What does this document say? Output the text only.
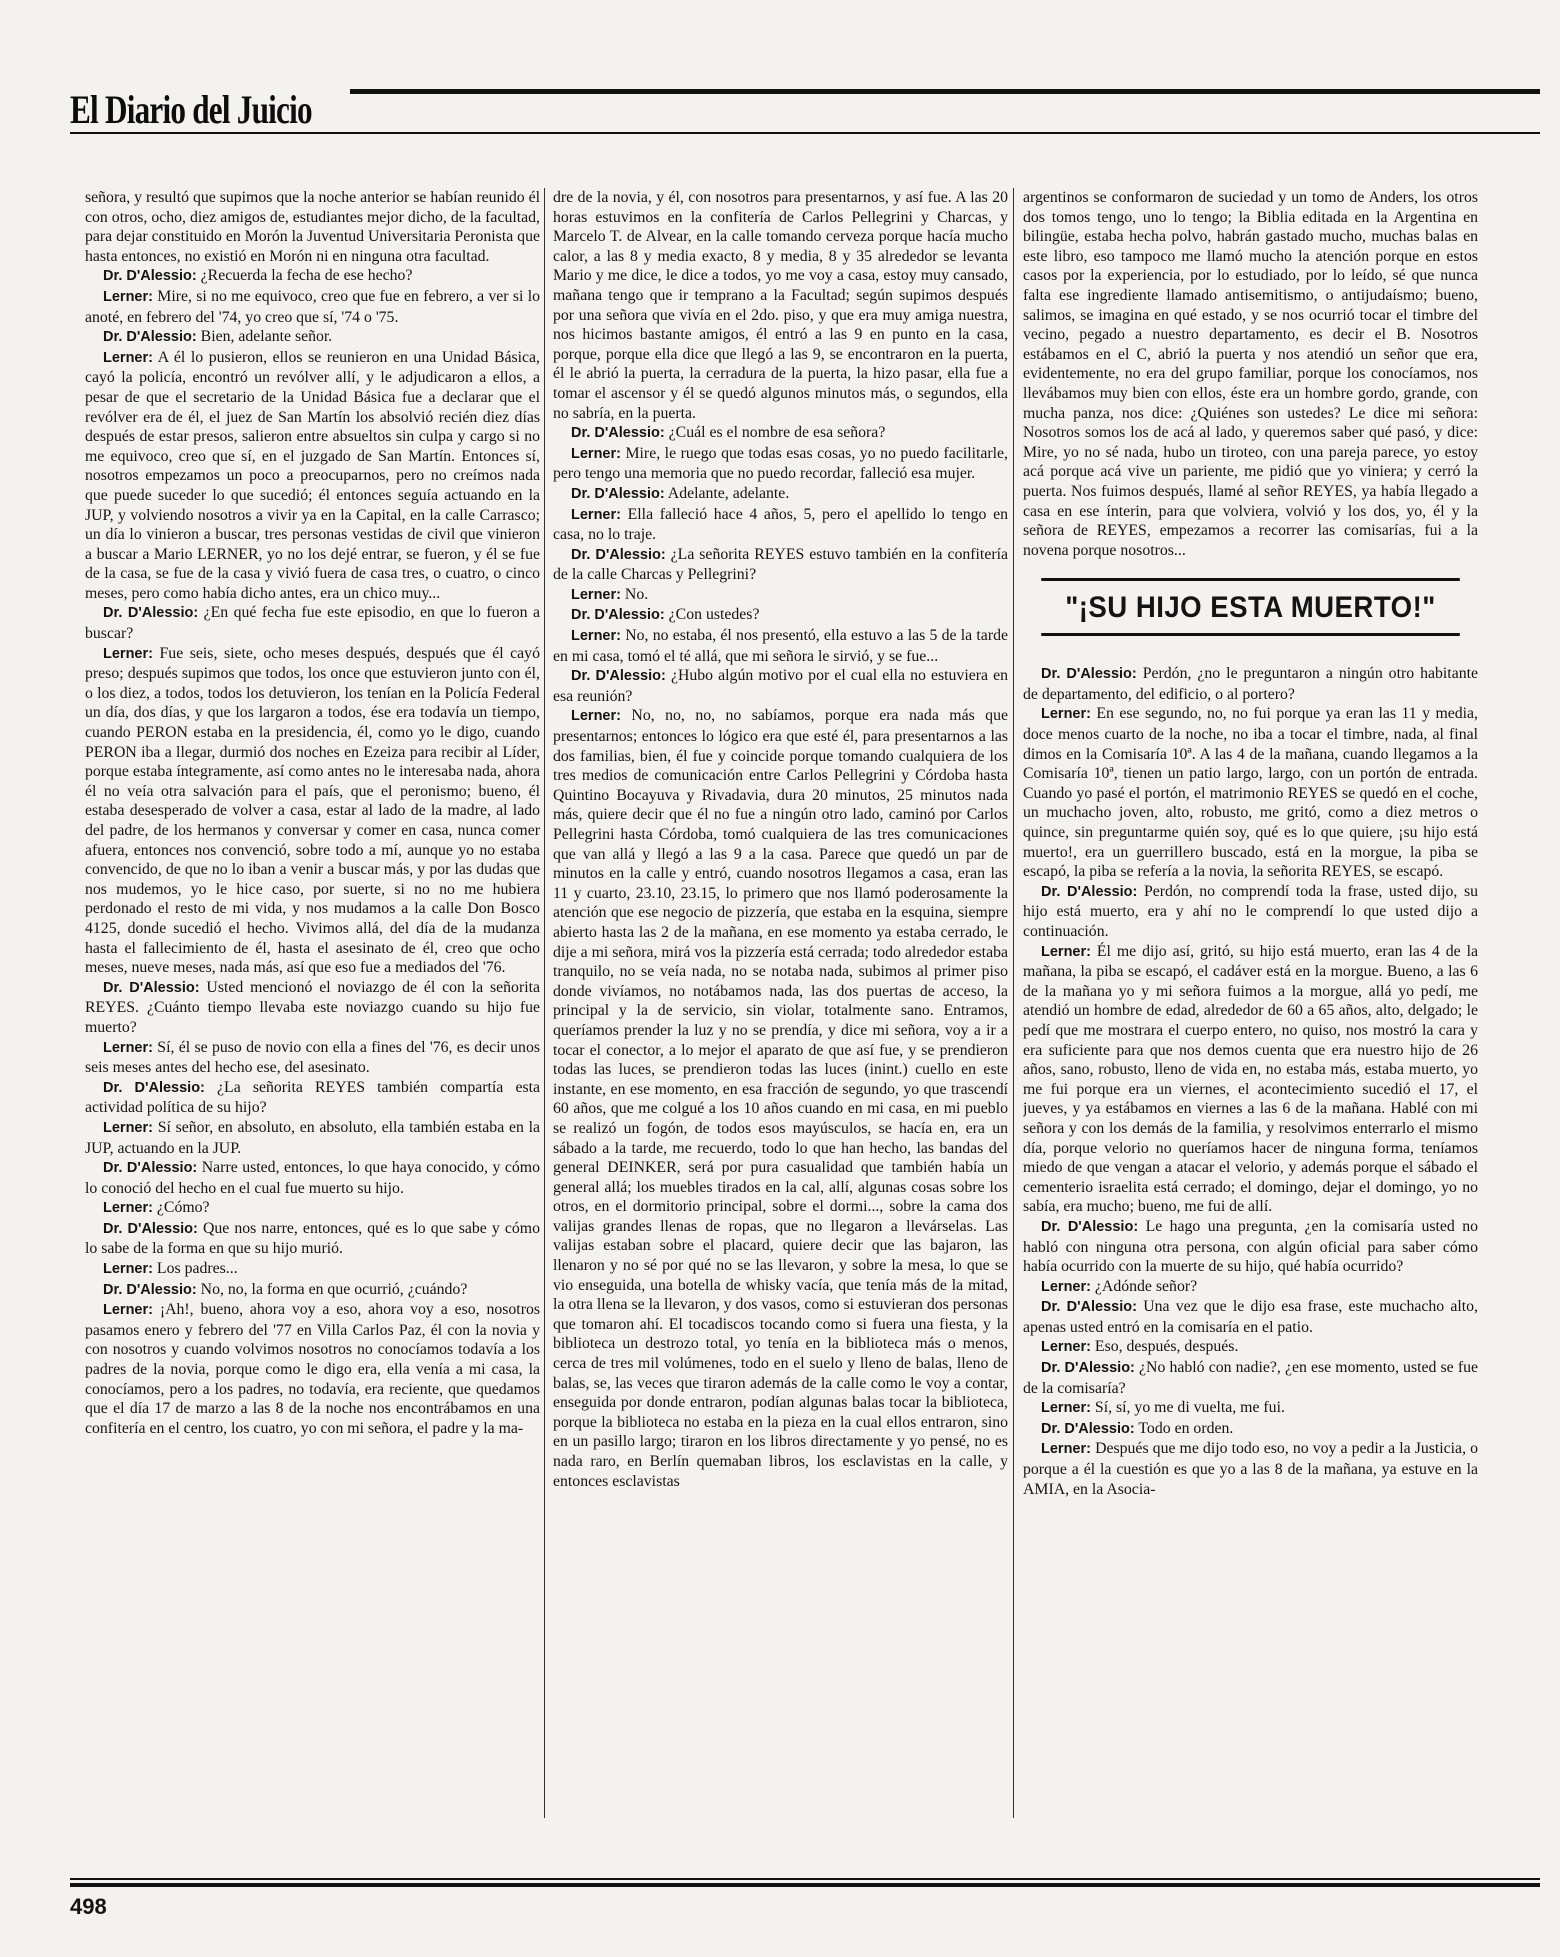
El Diario del Juicio

señora, y resultó que supimos que la noche anterior se habían reunido él con otros, ocho, diez amigos de, estudiantes mejor dicho, de la facultad, para dejar constituido en Morón la Juventud Universitaria Peronista que hasta entonces, no existió en Morón ni en ninguna otra facultad.

Dr. D'Alessio: ¿Recuerda la fecha de ese hecho?

Lerner: Mire, si no me equivoco, creo que fue en febrero, a ver si lo anoté, en febrero del '74, yo creo que sí, '74 o '75.

Dr. D'Alessio: Bien, adelante señor.

Lerner: A él lo pusieron, ellos se reunieron en una Unidad Básica, cayó la policía, encontró un revólver allí, y le adjudicaron a ellos, a pesar de que el secretario de la Unidad Básica fue a declarar que el revólver era de él, el juez de San Martín los absolvió recién diez días después de estar presos, salieron entre absueltos sin culpa y cargo si no me equivoco, creo que sí, en el juzgado de San Martín. Entonces sí, nosotros empezamos un poco a preocuparnos, pero no creímos nada que puede suceder lo que sucedió; él entonces seguía actuando en la JUP, y volviendo nosotros a vivir ya en la Capital, en la calle Carrasco; un día lo vinieron a buscar, tres personas vestidas de civil que vinieron a buscar a Mario LERNER, yo no los dejé entrar, se fueron, y él se fue de la casa, se fue de la casa y vivió fuera de casa tres, o cuatro, o cinco meses, pero como había dicho antes, era un chico muy...

Dr. D'Alessio: ¿En qué fecha fue este episodio, en que lo fueron a buscar?

Lerner: Fue seis, siete, ocho meses después, después que él cayó preso; después supimos que todos, los once que estuvieron junto con él, o los diez, a todos, todos los detuvieron, los tenían en la Policía Federal un día, dos días, y que los largaron a todos, ése era todavía un tiempo, cuando PERON estaba en la presidencia, él, como yo le digo, cuando PERON iba a llegar, durmió dos noches en Ezeiza para recibir al Líder, porque estaba íntegramente, así como antes no le interesaba nada, ahora él no veía otra salvación para el país, que el peronismo; bueno, él estaba desesperado de volver a casa, estar al lado de la madre, al lado del padre, de los hermanos y conversar y comer en casa, nunca comer afuera, entonces nos convenció, sobre todo a mí, aunque yo no estaba convencido, de que no lo iban a venir a buscar más, y por las dudas que nos mudemos, yo le hice caso, por suerte, si no no me hubiera perdonado el resto de mi vida, y nos mudamos a la calle Don Bosco 4125, donde sucedió el hecho. Vivimos allá, del día de la mudanza hasta el fallecimiento de él, hasta el asesinato de él, creo que ocho meses, nueve meses, nada más, así que eso fue a mediados del '76.

Dr. D'Alessio: Usted mencionó el noviazgo de él con la señorita REYES. ¿Cuánto tiempo llevaba este noviazgo cuando su hijo fue muerto?

Lerner: Sí, él se puso de novio con ella a fines del '76, es decir unos seis meses antes del hecho ese, del asesinato.

Dr. D'Alessio: ¿La señorita REYES también compartía esta actividad política de su hijo?

Lerner: Sí señor, en absoluto, en absoluto, ella también estaba en la JUP, actuando en la JUP.

Dr. D'Alessio: Narre usted, entonces, lo que haya conocido, y cómo lo conoció del hecho en el cual fue muerto su hijo.

Lerner: ¿Cómo?

Dr. D'Alessio: Que nos narre, entonces, qué es lo que sabe y cómo lo sabe de la forma en que su hijo murió.

Lerner: Los padres...

Dr. D'Alessio: No, no, la forma en que ocurrió, ¿cuándo?

Lerner: ¡Ah!, bueno, ahora voy a eso, ahora voy a eso, nosotros pasamos enero y febrero del '77 en Villa Carlos Paz, él con la novia y con nosotros y cuando volvimos nosotros no conocíamos todavía a los padres de la novia, porque como le digo era, ella venía a mi casa, la conocíamos, pero a los padres, no todavía, era reciente, que quedamos que el día 17 de marzo a las 8 de la noche nos encontrábamos en una confitería en el centro, los cuatro, yo con mi señora, el padre y la ma-

dre de la novia, y él, con nosotros para presentarnos, y así fue. A las 20 horas estuvimos en la confitería de Carlos Pellegrini y Charcas, y Marcelo T. de Alvear, en la calle tomando cerveza porque hacía mucho calor, a las 8 y media exacto, 8 y media, 8 y 35 alrededor se levanta Mario y me dice, le dice a todos, yo me voy a casa, estoy muy cansado, mañana tengo que ir temprano a la Facultad; según supimos después por una señora que vivía en el 2do. piso, y que era muy amiga nuestra, nos hicimos bastante amigos, él entró a las 9 en punto en la casa, porque, porque ella dice que llegó a las 9, se encontraron en la puerta, él le abrió la puerta, la cerradura de la puerta, la hizo pasar, ella fue a tomar el ascensor y él se quedó algunos minutos más, o segundos, ella no sabría, en la puerta.

Dr. D'Alessio: ¿Cuál es el nombre de esa señora?

Lerner: Mire, le ruego que todas esas cosas, yo no puedo facilitarle, pero tengo una memoria que no puedo recordar, falleció esa mujer.

Dr. D'Alessio: Adelante, adelante.

Lerner: Ella falleció hace 4 años, 5, pero el apellido lo tengo en casa, no lo traje.

Dr. D'Alessio: ¿La señorita REYES estuvo también en la confitería de la calle Charcas y Pellegrini?

Lerner: No.

Dr. D'Alessio: ¿Con ustedes?

Lerner: No, no estaba, él nos presentó, ella estuvo a las 5 de la tarde en mi casa, tomó el té allá, que mi señora le sirvió, y se fue...

Dr. D'Alessio: ¿Hubo algún motivo por el cual ella no estuviera en esa reunión?

Lerner: No, no, no, no sabíamos, porque era nada más que presentarnos; entonces lo lógico era que esté él, para presentarnos a las dos familias, bien, él fue y coincide porque tomando cualquiera de los tres medios de comunicación entre Carlos Pellegrini y Córdoba hasta Quintino Bocayuva y Rivadavia, dura 20 minutos, 25 minutos nada más, quiere decir que él no fue a ningún otro lado, caminó por Carlos Pellegrini hasta Córdoba, tomó cualquiera de las tres comunicaciones que van allá y llegó a las 9 a la casa. Parece que quedó un par de minutos en la calle y entró, cuando nosotros llegamos a casa, eran las 11 y cuarto, 23.10, 23.15, lo primero que nos llamó poderosamente la atención que ese negocio de pizzería, que estaba en la esquina, siempre abierto hasta las 2 de la mañana, en ese momento ya estaba cerrado, le dije a mi señora, mirá vos la pizzería está cerrada; todo alrededor estaba tranquilo, no se veía nada, no se notaba nada, subimos al primer piso donde vivíamos, no notábamos nada, las dos puertas de acceso, la principal y la de servicio, sin violar, totalmente sano. Entramos, queríamos prender la luz y no se prendía, y dice mi señora, voy a ir a tocar el conector, a lo mejor el aparato de que así fue, y se prendieron todas las luces, se prendieron todas las luces (inint.) cuello en este instante, en ese momento, en esa fracción de segundo, yo que trascendí 60 años, que me colgué a los 10 años cuando en mi casa, en mi pueblo se realizó un fogón, de todos esos mayúsculos, se hacía en, era un sábado a la tarde, me recuerdo, todo lo que han hecho, las bandas del general DEINKER, será por pura casualidad que también había un general allá; los muebles tirados en la cal, allí, algunas cosas sobre los otros, en el dormitorio principal, sobre el dormi..., sobre la cama dos valijas grandes llenas de ropas, que no llegaron a llevárselas. Las valijas estaban sobre el placard, quiere decir que las bajaron, las llenaron y no sé por qué no se las llevaron, y sobre la mesa, lo que se vio enseguida, una botella de whisky vacía, que tenía más de la mitad, la otra llena se la llevaron, y dos vasos, como si estuvieran dos personas que tomaron ahí. El tocadiscos tocando como si fuera una fiesta, y la biblioteca un destrozo total, yo tenía en la biblioteca más o menos, cerca de tres mil volúmenes, todo en el suelo y lleno de balas, lleno de balas, se, las veces que tiraron además de la calle como le voy a contar, enseguida por donde entraron, podían algunas balas tocar la biblioteca, porque la biblioteca no estaba en la pieza en la cual ellos entraron, sino en un pasillo largo; tiraron en los libros directamente y yo pensé, no es nada raro, en Berlín quemaban libros, los esclavistas en la calle, y entonces esclavistas

argentinos se conformaron de suciedad y un tomo de Anders, los otros dos tomos tengo, uno lo tengo; la Biblia editada en la Argentina en bilingüe, estaba hecha polvo, habrán gastado mucho, muchas balas en este libro, eso tampoco me llamó mucho la atención porque en estos casos por la experiencia, por lo estudiado, por lo leído, sé que nunca falta ese ingrediente llamado antisemitismo, o antijudaísmo; bueno, salimos, se imagina en qué estado, y se nos ocurrió tocar el timbre del vecino, pegado a nuestro departamento, es decir el B. Nosotros estábamos en el C, abrió la puerta y nos atendió un señor que era, evidentemente, no era del grupo familiar, porque los conocíamos, nos llevábamos muy bien con ellos, éste era un hombre gordo, grande, con mucha panza, nos dice: ¿Quiénes son ustedes? Le dice mi señora: Nosotros somos los de acá al lado, y queremos saber qué pasó, y dice: Mire, yo no sé nada, hubo un tiroteo, con una pareja parece, yo estoy acá porque acá vive un pariente, me pidió que yo viniera; y cerró la puerta. Nos fuimos después, llamé al señor REYES, ya había llegado a casa en ese ínterin, para que volviera, volvió y los dos, yo, él y la señora de REYES, empezamos a recorrer las comisarías, fui a la novena porque nosotros...

"¡SU HIJO ESTA MUERTO!"

Dr. D'Alessio: Perdón, ¿no le preguntaron a ningún otro habitante de departamento, del edificio, o al portero?

Lerner: En ese segundo, no, no fui porque ya eran las 11 y media, doce menos cuarto de la noche, no iba a tocar el timbre, nada, al final dimos en la Comisaría 10ª. A las 4 de la mañana, cuando llegamos a la Comisaría 10ª, tienen un patio largo, largo, con un portón de entrada. Cuando yo pasé el portón, el matrimonio REYES se quedó en el coche, un muchacho joven, alto, robusto, me gritó, como a diez metros o quince, sin preguntarme quién soy, qué es lo que quiere, ¡su hijo está muerto!, era un guerrillero buscado, está en la morgue, la piba se escapó, la piba se refería a la novia, la señorita REYES, se escapó.

Dr. D'Alessio: Perdón, no comprendí toda la frase, usted dijo, su hijo está muerto, era y ahí no le comprendí lo que usted dijo a continuación.

Lerner: Él me dijo así, gritó, su hijo está muerto, eran las 4 de la mañana, la piba se escapó, el cadáver está en la morgue. Bueno, a las 6 de la mañana yo y mi señora fuimos a la morgue, allá yo pedí, me atendió un hombre de edad, alrededor de 60 a 65 años, alto, delgado; le pedí que me mostrara el cuerpo entero, no quiso, nos mostró la cara y era suficiente para que nos demos cuenta que era nuestro hijo de 26 años, sano, robusto, lleno de vida en, no estaba más, estaba muerto, yo me fui porque era un viernes, el acontecimiento sucedió el 17, el jueves, y ya estábamos en viernes a las 6 de la mañana. Hablé con mi señora y con los demás de la familia, y resolvimos enterrarlo el mismo día, porque velorio no queríamos hacer de ninguna forma, teníamos miedo de que vengan a atacar el velorio, y además porque el sábado el cementerio israelita está cerrado; el domingo, dejar el domingo, yo no sabía, era mucho; bueno, me fui de allí.

Dr. D'Alessio: Le hago una pregunta, ¿en la comisaría usted no habló con ninguna otra persona, con algún oficial para saber cómo había ocurrido con la muerte de su hijo, qué había ocurrido?

Lerner: ¿Adónde señor?

Dr. D'Alessio: Una vez que le dijo esa frase, este muchacho alto, apenas usted entró en la comisaría en el patio.

Lerner: Eso, después, después.

Dr. D'Alessio: ¿No habló con nadie?, ¿en ese momento, usted se fue de la comisaría?

Lerner: Sí, sí, yo me di vuelta, me fui.

Dr. D'Alessio: Todo en orden.

Lerner: Después que me dijo todo eso, no voy a pedir a la Justicia, o porque a él la cuestión es que yo a las 8 de la mañana, ya estuve en la AMIA, en la Asocia-

498
